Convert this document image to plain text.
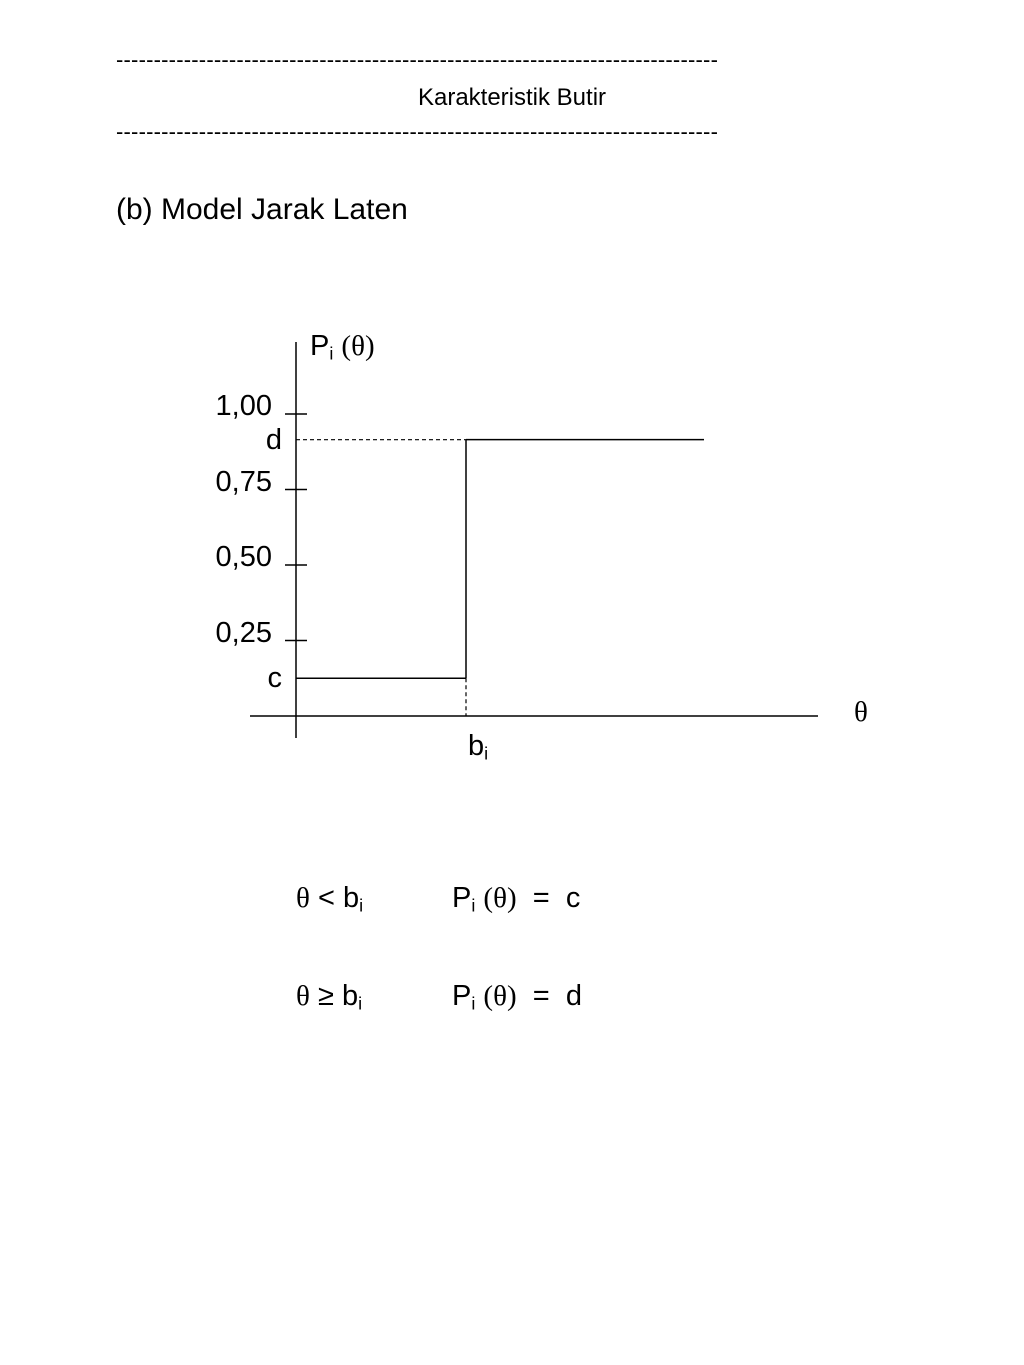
--------------------------------------------------------------------------------
Karakteristik Butir
--------------------------------------------------------------------------------
(b) Model Jarak Laten
$P_i$ (θ)
θ
1,00
0,75
0,50
0,25
d
c
$b_i$
$\theta < b_i$	$P_i$ (θ) = c
$\theta \ge b_i$	$P_i$ (θ) = d
